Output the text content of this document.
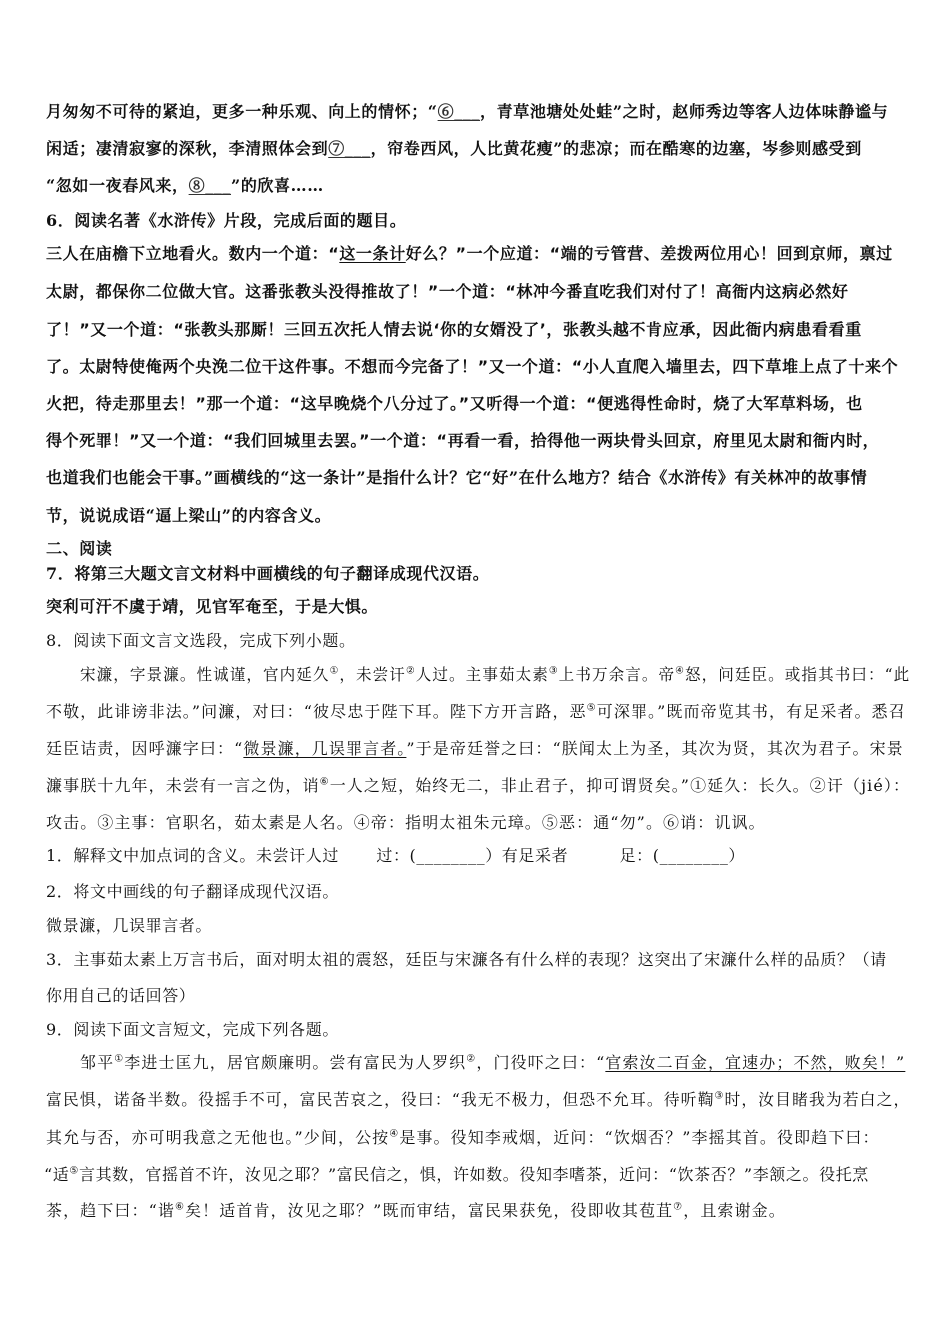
月匆匆不可待的紧迫，更多一种乐观、向上的情怀；“⑥___，青草池塘处处蛙”之时，赵师秀边等客人边体味静谧与
闲适；凄清寂寥的深秋，李清照体会到⑦___，帘卷西风，人比黄花瘦”的悲凉；而在酷寒的边塞，岑参则感受到
“忽如一夜春风来，⑧___”的欣喜……
6．阅读名著《水浒传》片段，完成后面的题目。
三人在庙檐下立地看火。数内一个道：“这一条计好么？”一个应道：“端的亏管营、差拨两位用心！回到京师，禀过
太尉，都保你二位做大官。这番张教头没得推故了！”一个道：“林冲今番直吃我们对付了！高衙内这病必然好
了！”又一个道：“张教头那厮！三回五次托人情去说‘你的女婿没了’，张教头越不肯应承，因此衙内病患看看重
了。太尉特使俺两个央浼二位干这件事。不想而今完备了！”又一个道：“小人直爬入墙里去，四下草堆上点了十来个
火把，待走那里去！”那一个道：“这早晚烧个八分过了。”又听得一个道：“便逃得性命时，烧了大军草料场，也
得个死罪！”又一个道：“我们回城里去罢。”一个道：“再看一看，拾得他一两块骨头回京，府里见太尉和衙内时，
也道我们也能会干事。”画横线的“这一条计”是指什么计？它“好”在什么地方？结合《水浒传》有关林冲的故事情
节，说说成语“逼上梁山”的内容含义。
二、阅读
7．将第三大题文言文材料中画横线的句子翻译成现代汉语。
突利可汗不虞于靖，见官军奄至，于是大惧。
8．阅读下面文言文选段，完成下列小题。
宋濂，字景濂。性诚谨，官内延久①，未尝讦②人过。主事茹太素③上书万余言。帝④怒，问廷臣。或指其书曰：“此
不敬，此诽谤非法。”问濂，对曰：“彼尽忠于陛下耳。陛下方开言路，恶⑤可深罪。”既而帝览其书，有足采者。悉召
廷臣诘责，因呼濂字曰：“微景濂，几误罪言者。”于是帝廷誉之曰：“朕闻太上为圣，其次为贤，其次为君子。宋景
濂事朕十九年，未尝有一言之伪，诮⑥一人之短，始终无二，非止君子，抑可谓贤矣。”①延久：长久。②讦（jié）：
攻击。③主事：官职名，茹太素是人名。④帝：指明太祖朱元璋。⑤恶：通“勿”。⑥诮：讥讽。
1．解释文中加点词的含义。未尝讦人过 过：(________）有足采者	足：(________）
2．将文中画线的句子翻译成现代汉语。
微景濂，几误罪言者。
3．主事茹太素上万言书后，面对明太祖的震怒，廷臣与宋濂各有什么样的表现？这突出了宋濂什么样的品质？（请
你用自己的话回答）
9．阅读下面文言短文，完成下列各题。
邹平①李进士匡九，居官颇廉明。尝有富民为人罗织②，门役吓之曰：“官索汝二百金，宜速办；不然，败矣！”
富民惧，诺备半数。役摇手不可，富民苦哀之，役曰：“我无不极力，但恐不允耳。待听鞫③时，汝目睹我为若白之，
其允与否，亦可明我意之无他也。”少间，公按④是事。役知李戒烟，近问：“饮烟否？”李摇其首。役即趋下曰：
“适⑤言其数，官摇首不许，汝见之耶？”富民信之，惧，许如数。役知李嗜茶，近问：“饮茶否？”李颔之。役托烹
茶，趋下曰：“谐⑥矣！适首肯，汝见之耶？”既而审结，富民果获免，役即收其苞苴⑦，且索谢金。
